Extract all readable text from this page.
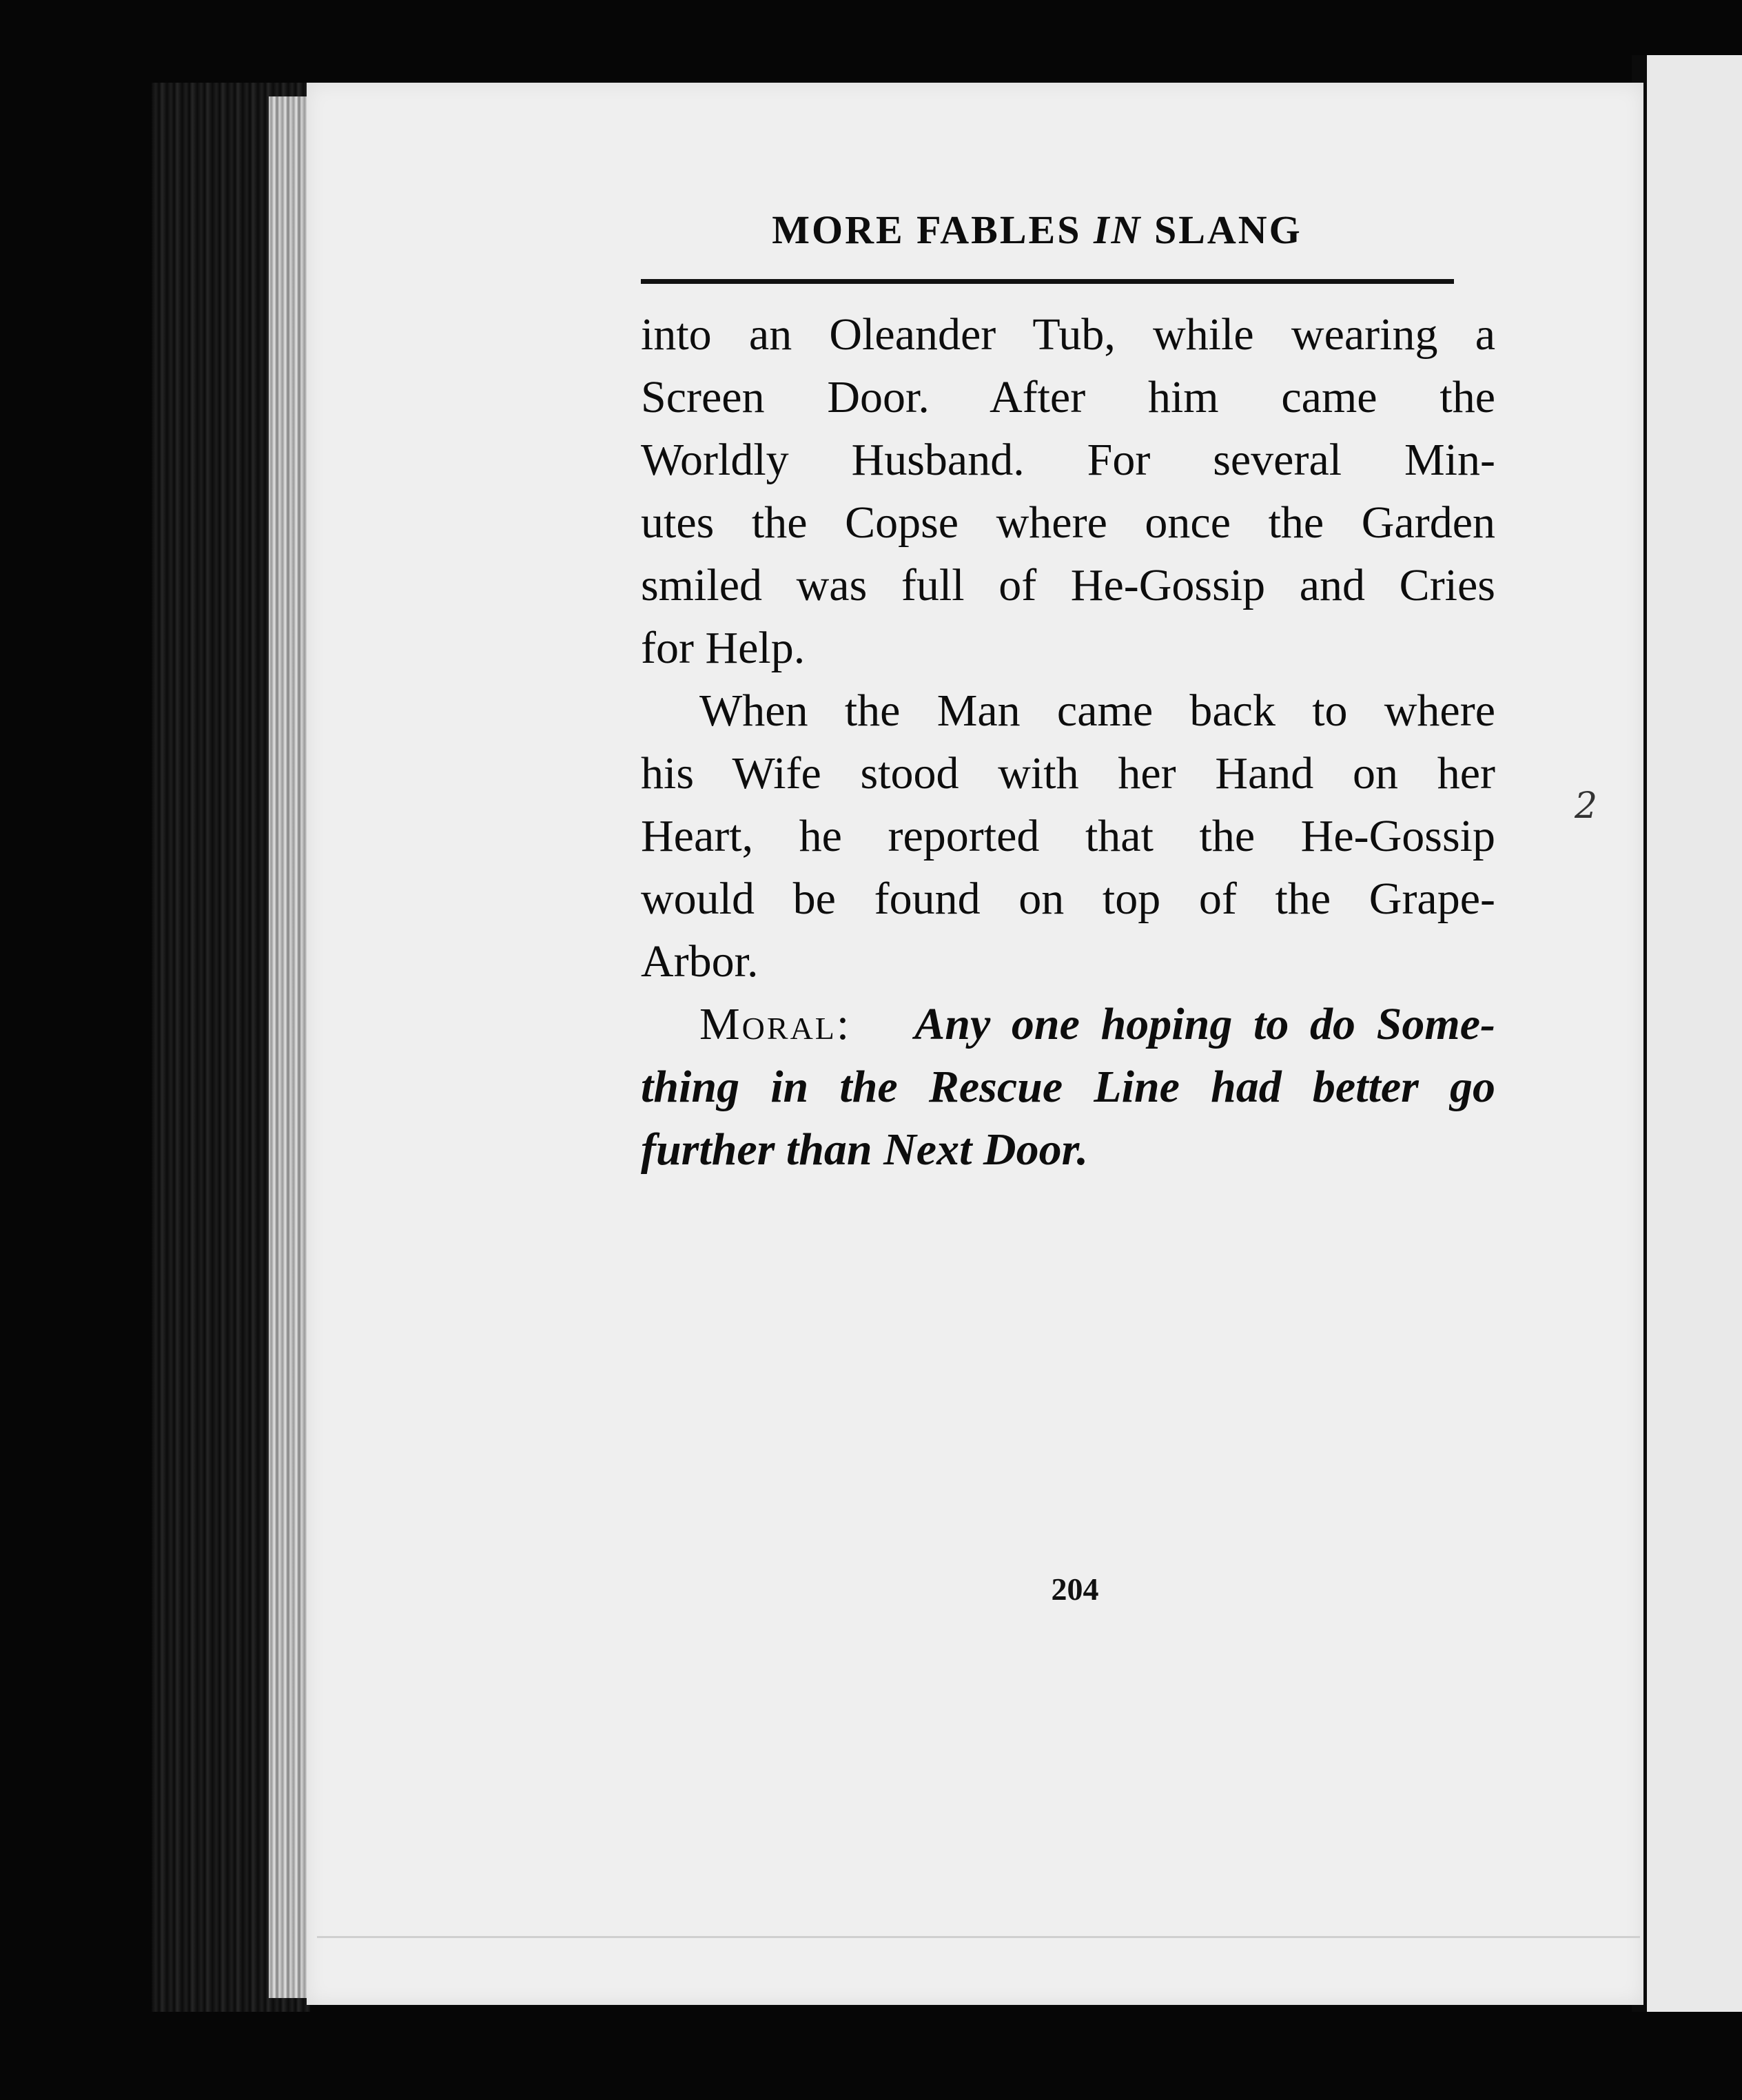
MORE FABLES IN SLANG
into an Oleander Tub, while wearing a
Screen Door. After him came the
Worldly Husband. For several Min-
utes the Copse where once the Garden
smiled was full of He-Gossip and Cries
for Help.
When the Man came back to where
his Wife stood with her Hand on her
Heart, he reported that the He-Gossip
would be found on top of the Grape-
Arbor.
Moral: Any one hoping to do Some-
thing in the Rescue Line had better go
further than Next Door.
204
2
